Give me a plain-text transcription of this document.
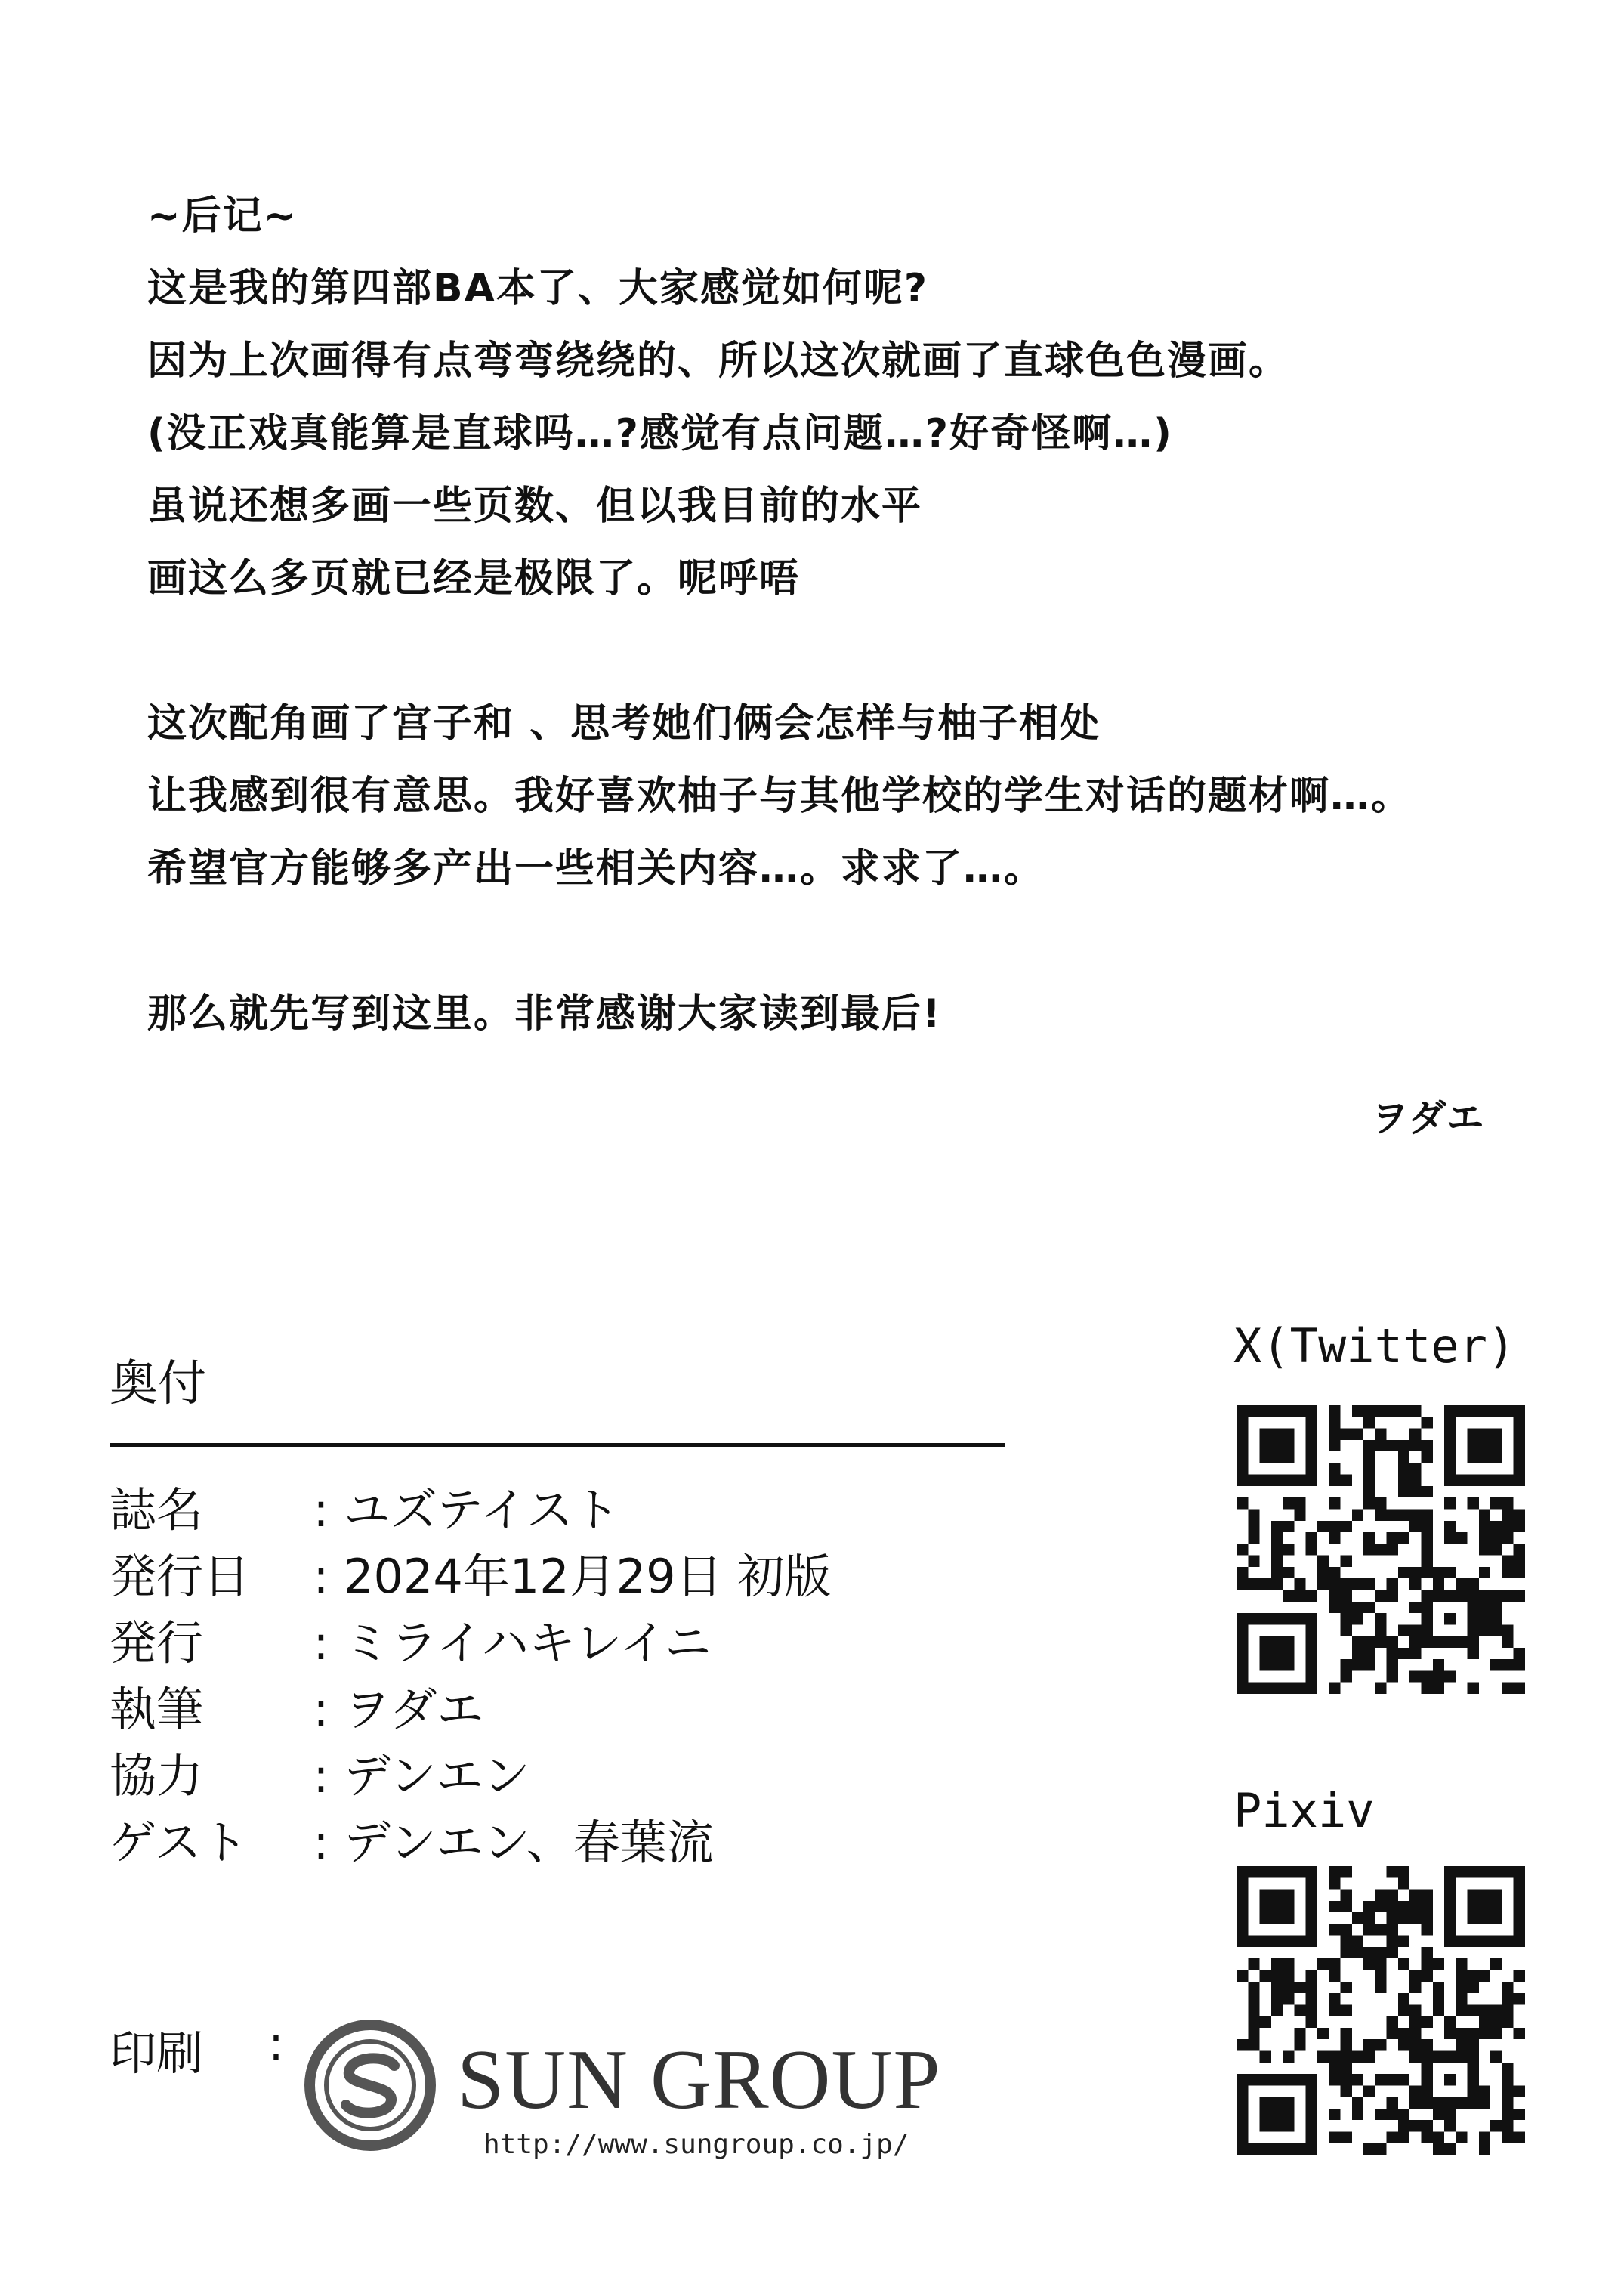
~后记~
这是我的第四部BA本了、大家感觉如何呢?
因为上次画得有点弯弯绕绕的、所以这次就画了直球色色漫画。
(没正戏真能算是直球吗…?感觉有点问题…?好奇怪啊…)
虽说还想多画一些页数、但以我目前的水平
画这么多页就已经是极限了。呢呼唔
这次配角画了宫子和 、思考她们俩会怎样与柚子相处
让我感到很有意思。我好喜欢柚子与其他学校的学生对话的题材啊…。
希望官方能够多产出一些相关内容…。求求了…。
那么就先写到这里。非常感谢大家读到最后!
ヲダエ
奥付
誌名 : ユズテイスト
発行日 : 2024年12月29日 初版
発行 : ミライハキレイニ
執筆 : ヲダエ
協力 : デンエン
ゲスト : デンエン、春葉流
印刷 : SUN GROUP
http://www.sungroup.co.jp/
X(Twitter)
Pixiv
